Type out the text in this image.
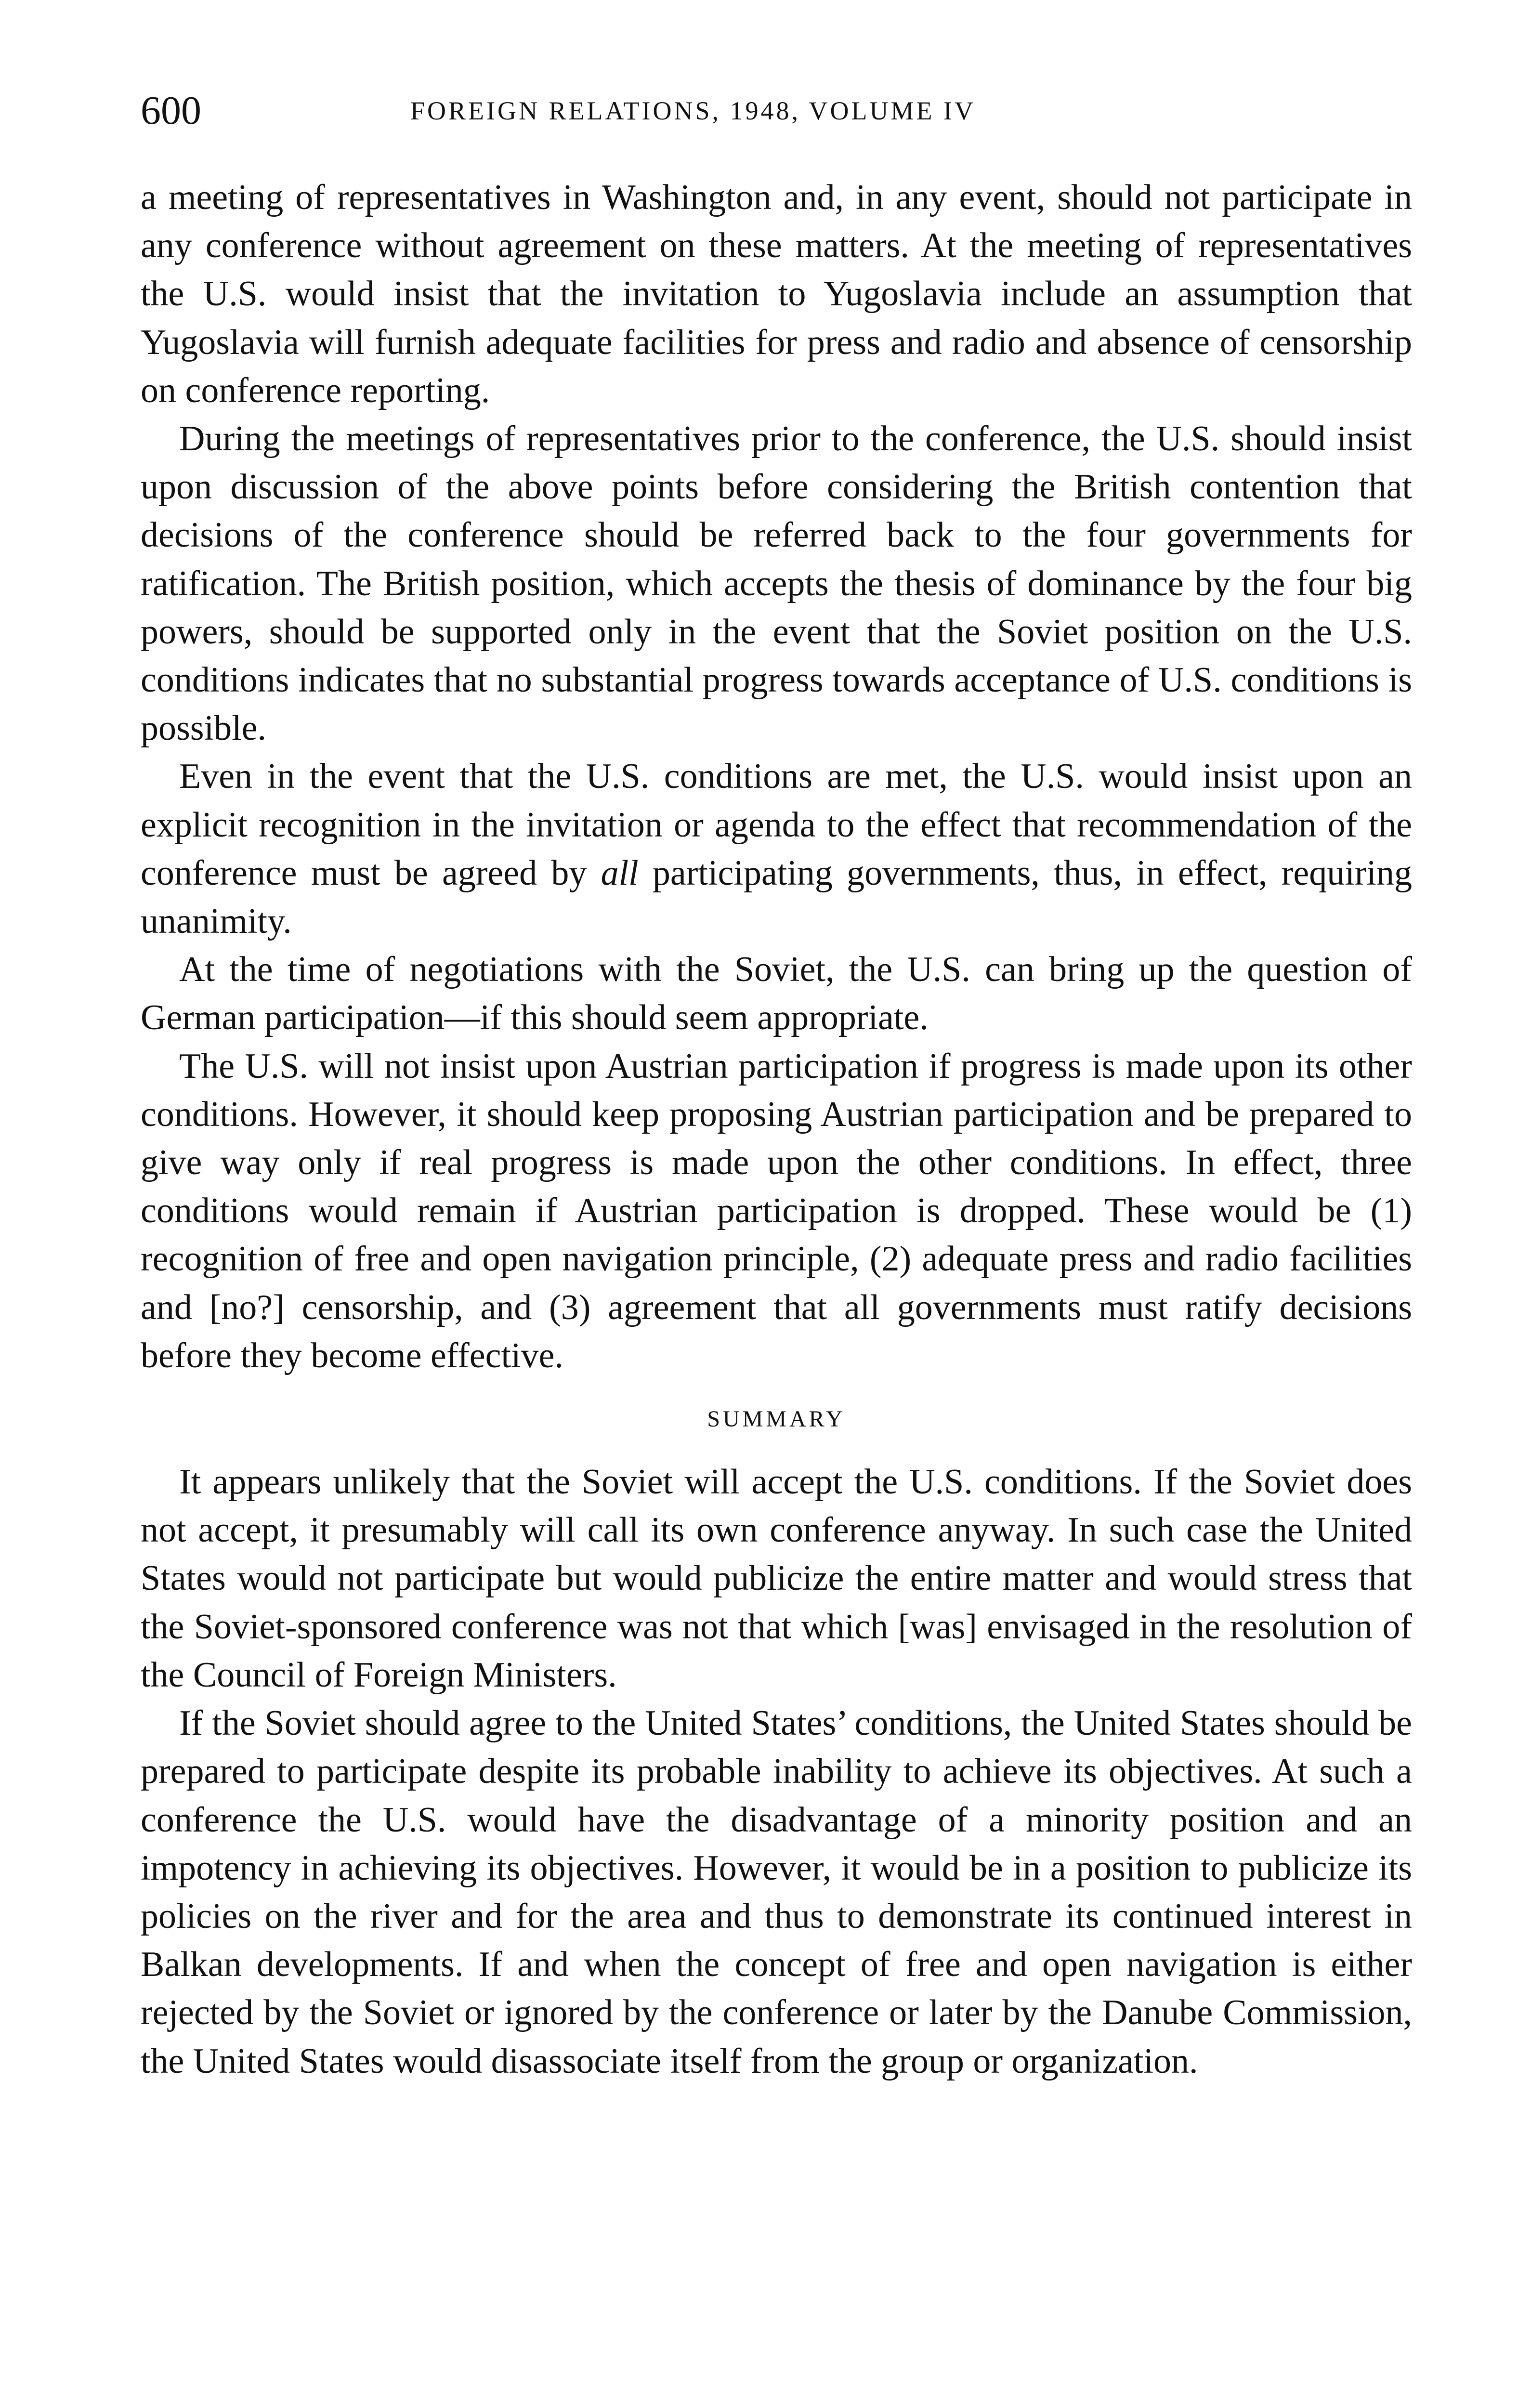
600	FOREIGN RELATIONS, 1948, VOLUME IV

a meeting of representatives in Washington and, in any event, should not participate in any conference without agreement on these matters. At the meeting of representatives the U.S. would insist that the invitation to Yugoslavia include an assumption that Yugoslavia will furnish adequate facilities for press and radio and absence of censorship on conference reporting.

During the meetings of representatives prior to the conference, the U.S. should insist upon discussion of the above points before considering the British contention that decisions of the conference should be referred back to the four governments for ratification. The British position, which accepts the thesis of dominance by the four big powers, should be supported only in the event that the Soviet position on the U.S. conditions indicates that no substantial progress towards acceptance of U.S. conditions is possible.

Even in the event that the U.S. conditions are met, the U.S. would insist upon an explicit recognition in the invitation or agenda to the effect that recommendation of the conference must be agreed by all participating governments, thus, in effect, requiring unanimity.

At the time of negotiations with the Soviet, the U.S. can bring up the question of German participation—if this should seem appropriate.

The U.S. will not insist upon Austrian participation if progress is made upon its other conditions. However, it should keep proposing Austrian participation and be prepared to give way only if real progress is made upon the other conditions. In effect, three conditions would remain if Austrian participation is dropped. These would be (1) recognition of free and open navigation principle, (2) adequate press and radio facilities and [no?] censorship, and (3) agreement that all governments must ratify decisions before they become effective.

SUMMARY

It appears unlikely that the Soviet will accept the U.S. conditions. If the Soviet does not accept, it presumably will call its own conference anyway. In such case the United States would not participate but would publicize the entire matter and would stress that the Soviet-sponsored conference was not that which [was] envisaged in the resolution of the Council of Foreign Ministers.

If the Soviet should agree to the United States’ conditions, the United States should be prepared to participate despite its probable inability to achieve its objectives. At such a conference the U.S. would have the disadvantage of a minority position and an impotency in achieving its objectives. However, it would be in a position to publicize its policies on the river and for the area and thus to demonstrate its continued interest in Balkan developments. If and when the concept of free and open navigation is either rejected by the Soviet or ignored by the conference or later by the Danube Commission, the United States would disassociate itself from the group or organization.
